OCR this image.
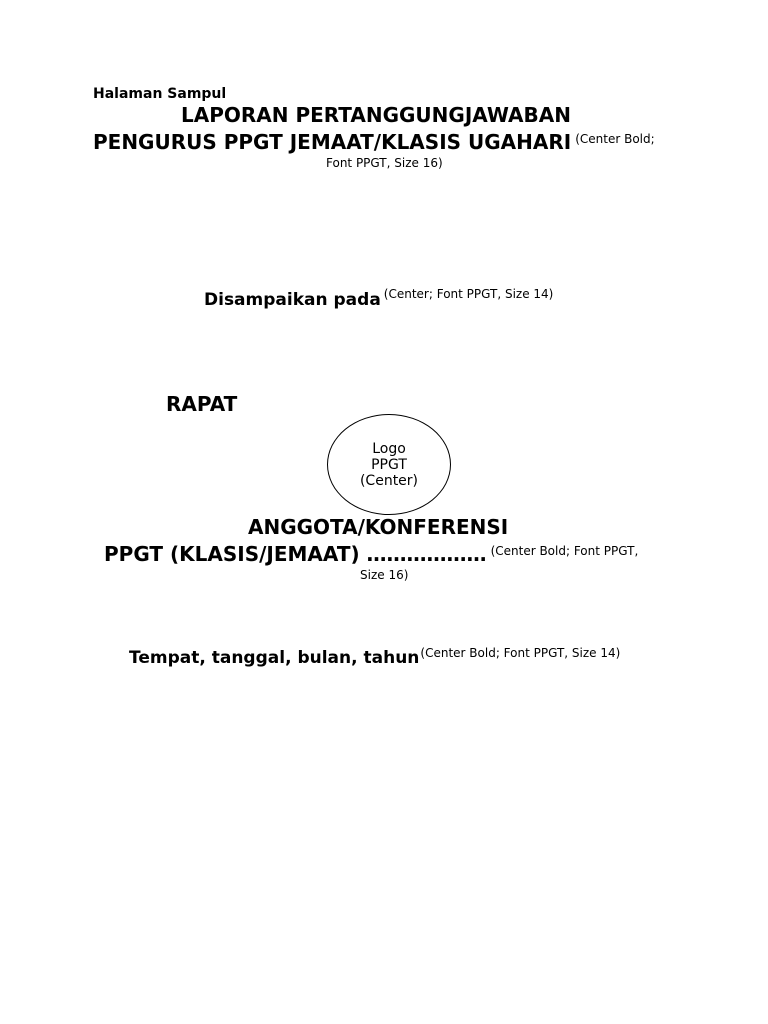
Halaman Sampul
LAPORAN PERTANGGUNGJAWABAN
PENGURUS PPGT JEMAAT/KLASIS UGAHARI $^{(Center Bold;}$
Font PPGT, Size 16)
Disampaikan pada $^{(Center; Font PPGT, Size 14)}$
RAPAT
Logo
PPGT
(Center)
ANGGOTA/KONFERENSI
PPGT (KLASIS/JEMAAT) ……………… $^{(Center Bold; Font PPGT,}$
Size 16)
Tempat, tanggal, bulan, tahun$^{(Center Bold; Font PPGT, Size 14)}$
